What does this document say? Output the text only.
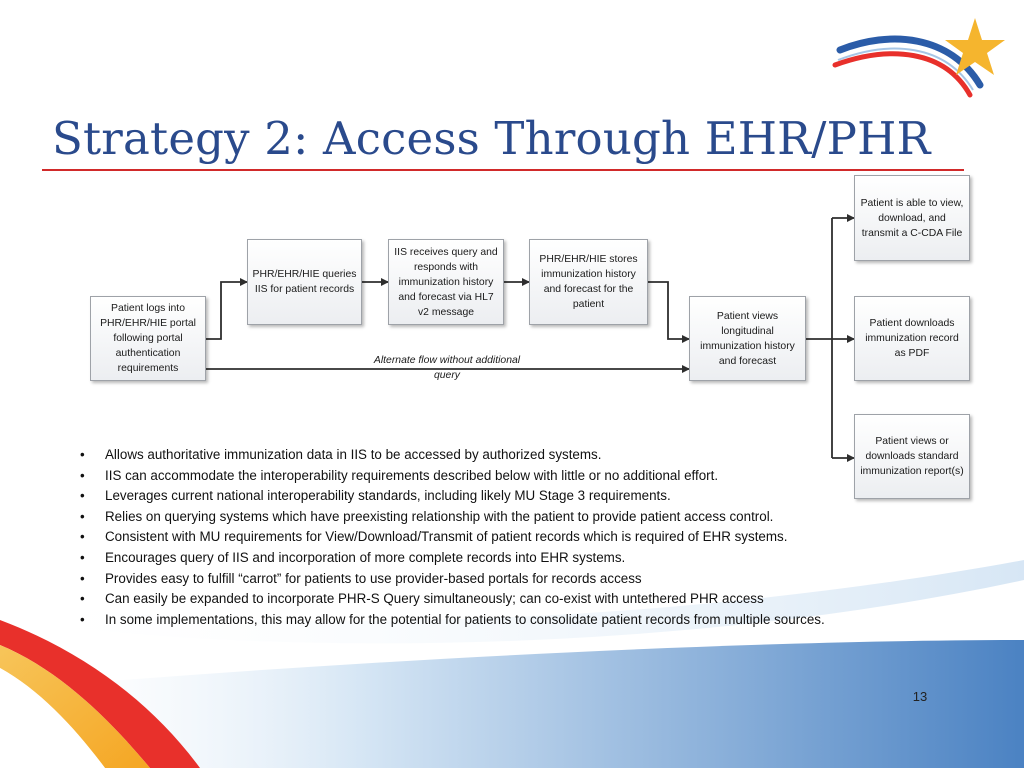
Strategy 2: Access Through EHR/PHR
Patient logs into PHR/EHR/HIE portal following portal authentication requirements
PHR/EHR/HIE queries IIS for patient records
IIS receives query and responds with immunization history and forecast via HL7 v2 message
PHR/EHR/HIE stores immunization history and forecast for the patient
Patient views longitudinal immunization history and forecast
Patient is able to view, download, and transmit a C-CDA File
Patient downloads immunization record as PDF
Patient views or downloads standard immunization report(s)
Alternate flow without additional query
• Allows authoritative immunization data in IIS to be accessed by authorized systems.
• IIS can accommodate the interoperability requirements described below with little or no additional effort.
• Leverages current national interoperability standards, including likely MU Stage 3 requirements.
• Relies on querying systems which have preexisting relationship with the patient to provide patient access control.
• Consistent with MU requirements for View/Download/Transmit of patient records which is required of EHR systems.
• Encourages query of IIS and incorporation of more complete records into EHR systems.
• Provides easy to fulfill “carrot” for patients to use provider-based portals for records access
• Can easily be expanded to incorporate PHR-S Query simultaneously; can co-exist with untethered PHR access
• In some implementations, this may allow for the potential for patients to consolidate patient records from multiple sources.
13
